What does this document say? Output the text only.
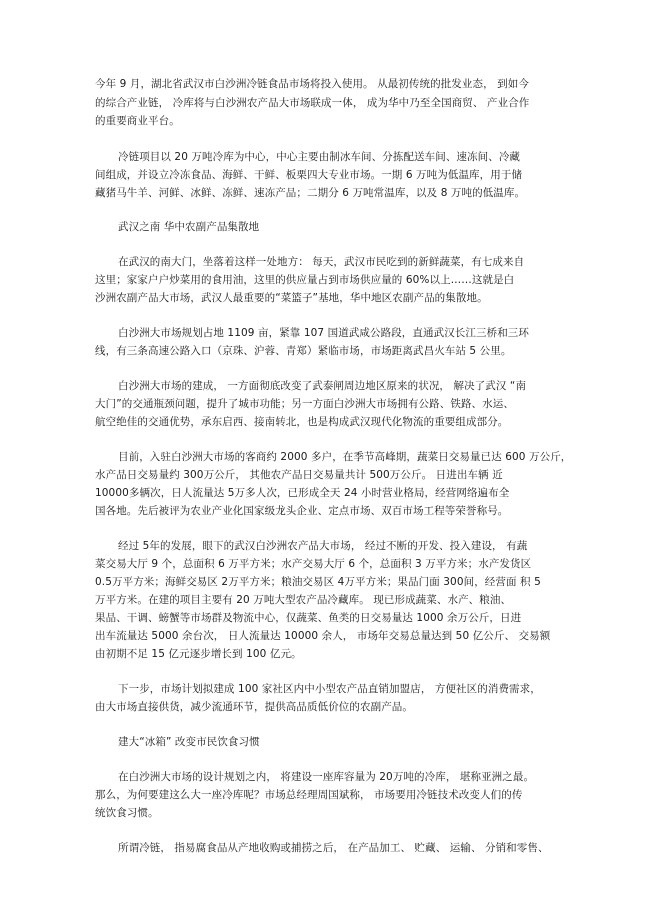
今年 9 月，湖北省武汉市白沙洲冷链食品市场将投入使用。 从最初传统的批发业态， 到如今
的综合产业链， 冷库将与白沙洲农产品大市场联成一体， 成为华中乃至全国商贸、 产业合作
的重要商业平台。
冷链项目以 20 万吨冷库为中心，中心主要由制冰车间、分拣配送车间、速冻间、冷藏
间组成，并设立冷冻食品、海鲜、干鲜、板栗四大专业市场。一期 6 万吨为低温库，用于储
藏猪马牛羊、河鲜、冰鲜、冻鲜、速冻产品；二期分 6 万吨常温库，以及 8 万吨的低温库。
武汉之南 华中农副产品集散地
在武汉的南大门，坐落着这样一处地方： 每天，武汉市民吃到的新鲜蔬菜，有七成来自
这里；家家户户炒菜用的食用油，这里的供应量占到市场供应量的 60%以上……这就是白
沙洲农副产品大市场，武汉人最重要的“菜篮子”基地，华中地区农副产品的集散地。
白沙洲大市场规划占地 1109 亩，紧靠 107 国道武咸公路段，直通武汉长江三桥和三环
线，有三条高速公路入口（京珠、沪蓉、青郑）紧临市场，市场距离武昌火车站 5 公里。
白沙洲大市场的建成， 一方面彻底改变了武泰闸周边地区原来的状况， 解决了武汉 “南
大门”的交通瓶颈问题，提升了城市功能；另一方面白沙洲大市场拥有公路、铁路、水运、
航空绝佳的交通优势，承东启西、接南转北，也是构成武汉现代化物流的重要组成部分。
目前，入驻白沙洲大市场的客商约 2000 多户，在季节高峰期，蔬菜日交易量已达 600 万公斤，
水产品日交易量约 300万公斤， 其他农产品日交易量共计 500万公斤。 日进出车辆 近
10000多辆次，日人流量达 5万多人次，已形成全天 24 小时营业格局，经营网络遍布全
国各地。先后被评为农业产业化国家级龙头企业、定点市场、双百市场工程等荣誉称号。
经过 5年的发展，眼下的武汉白沙洲农产品大市场， 经过不断的开发、投入建设， 有蔬
菜交易大厅 9 个，总面积 6 万平方米；水产交易大厅 6 个，总面积 3 万平方米；水产发货区
0.5万平方米；海鲜交易区 2万平方米；粮油交易区 4万平方米；果品门面 300间，经营面 积 5
万平方米。在建的项目主要有 20 万吨大型农产品冷藏库。 现已形成蔬菜、水产、粮油、
果品、干调、螃蟹等市场群及物流中心，仅蔬菜、鱼类的日交易量达 1000 余万公斤，日进
出车流量达 5000 余台次， 日人流量达 10000 余人， 市场年交易总量达到 50 亿公斤、 交易额
由初期不足 15 亿元逐步增长到 100 亿元。
下一步，市场计划拟建成 100 家社区内中小型农产品直销加盟店， 方便社区的消费需求，
由大市场直接供货，减少流通环节，提供高品质低价位的农副产品。
建大“冰箱” 改变市民饮食习惯
在白沙洲大市场的设计规划之内， 将建设一座库容量为 20万吨的冷库， 堪称亚洲之最。
那么，为何要建这么大一座冷库呢？市场总经理周国斌称， 市场要用冷链技术改变人们的传
统饮食习惯。
所谓冷链， 指易腐食品从产地收购或捕捞之后， 在产品加工、 贮藏、 运输、 分销和零售、
